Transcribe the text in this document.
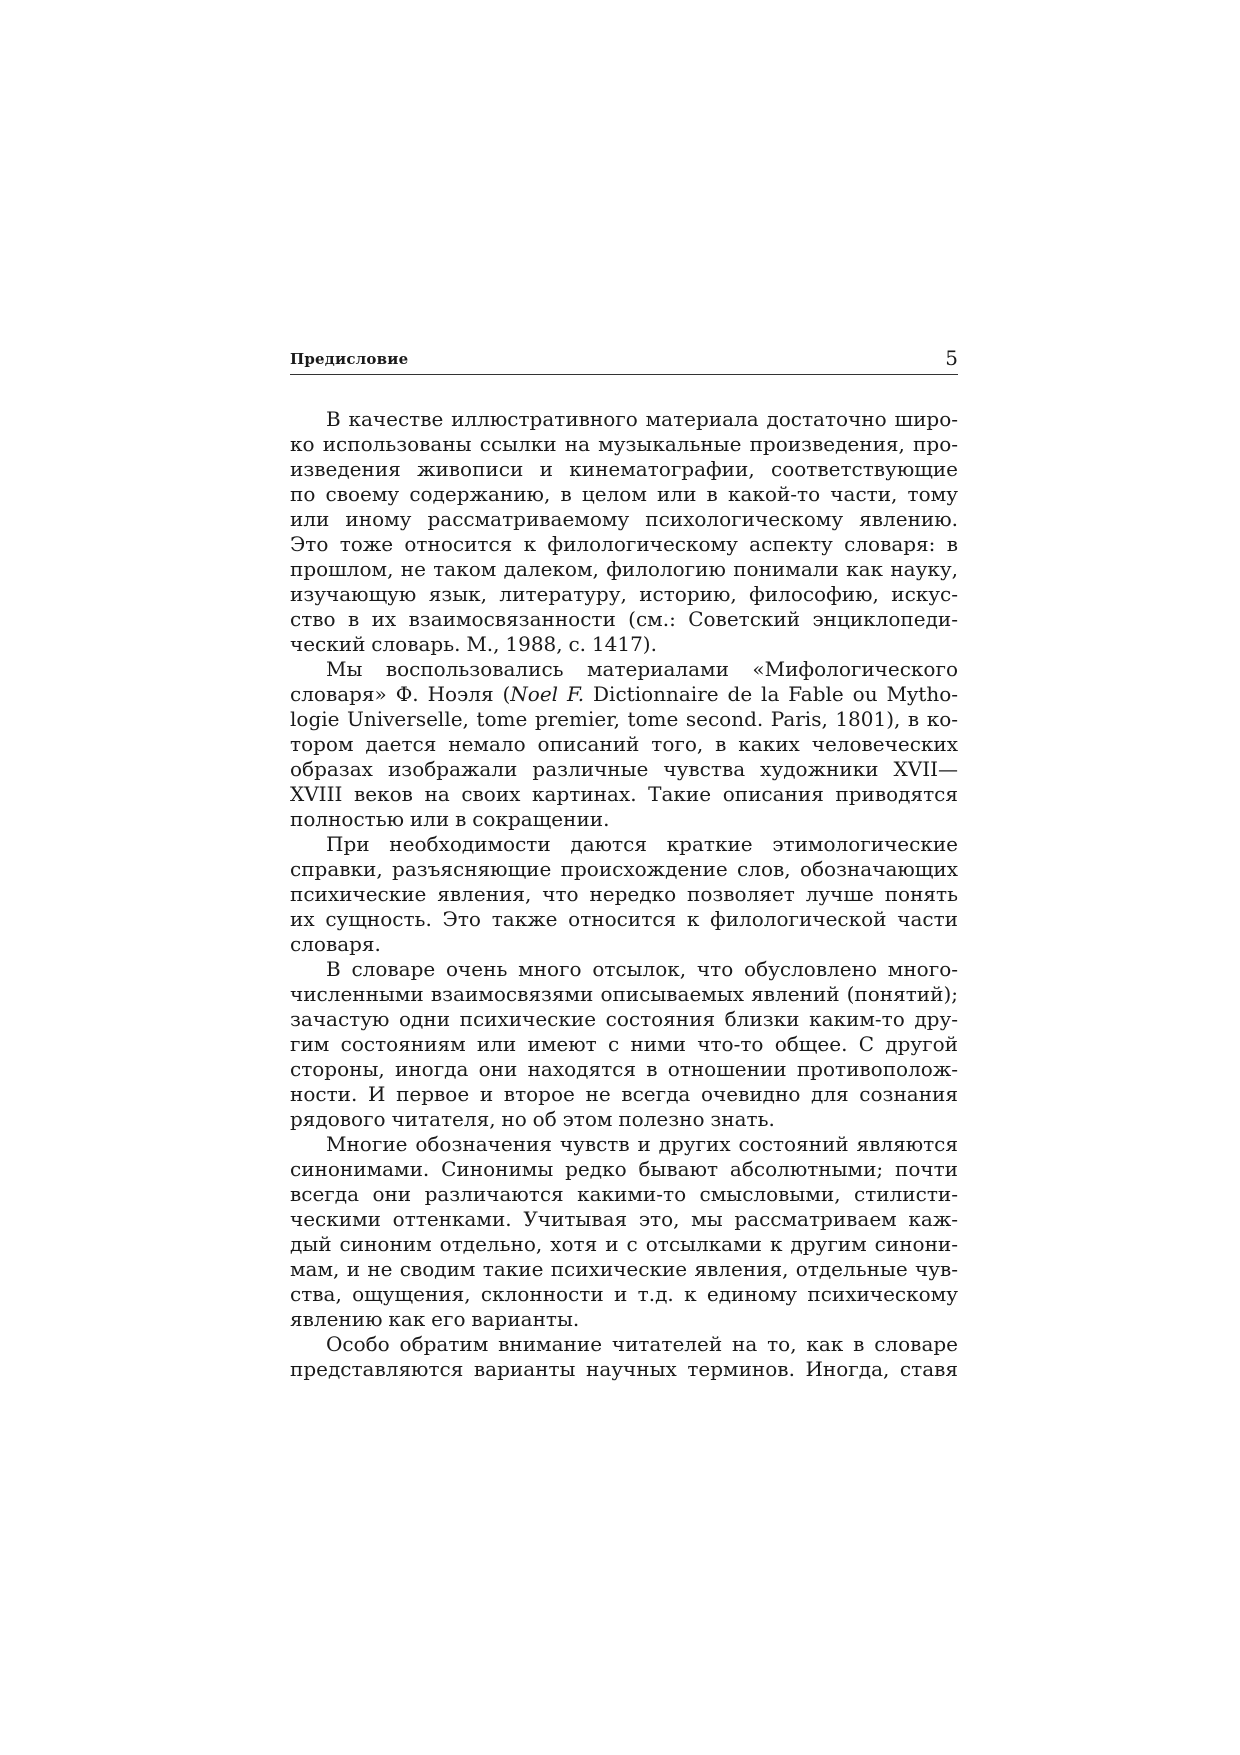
Предисловие	5

В качестве иллюстративного материала достаточно широ-
ко использованы ссылки на музыкальные произведения, про-
изведения живописи и кинематографии, соответствующие
по своему содержанию, в целом или в какой-то части, тому
или иному рассматриваемому психологическому явлению.
Это тоже относится к филологическому аспекту словаря: в
прошлом, не таком далеком, филологию понимали как науку,
изучающую язык, литературу, историю, философию, искус-
ство в их взаимосвязанности (см.: Советский энциклопеди-
ческий словарь. М., 1988, с. 1417).

Мы воспользовались материалами «Мифологического
словаря» Ф. Ноэля (Noel F. Dictionnaire de la Fable ou Mytho-
logie Universelle, tome premier, tome second. Paris, 1801), в ко-
тором дается немало описаний того, в каких человеческих
образах изображали различные чувства художники XVII—
XVIII веков на своих картинах. Такие описания приводятся
полностью или в сокращении.

При необходимости даются краткие этимологические
справки, разъясняющие происхождение слов, обозначающих
психические явления, что нередко позволяет лучше понять
их сущность. Это также относится к филологической части
словаря.

В словаре очень много отсылок, что обусловлено много-
численными взаимосвязями описываемых явлений (понятий);
зачастую одни психические состояния близки каким-то дру-
гим состояниям или имеют с ними что-то общее. С другой
стороны, иногда они находятся в отношении противополож-
ности. И первое и второе не всегда очевидно для сознания
рядового читателя, но об этом полезно знать.

Многие обозначения чувств и других состояний являются
синонимами. Синонимы редко бывают абсолютными; почти
всегда они различаются какими-то смысловыми, стилисти-
ческими оттенками. Учитывая это, мы рассматриваем каж-
дый синоним отдельно, хотя и с отсылками к другим синони-
мам, и не сводим такие психические явления, отдельные чув-
ства, ощущения, склонности и т.д. к единому психическому
явлению как его варианты.

Особо обратим внимание читателей на то, как в словаре
представляются варианты научных терминов. Иногда, ставя
